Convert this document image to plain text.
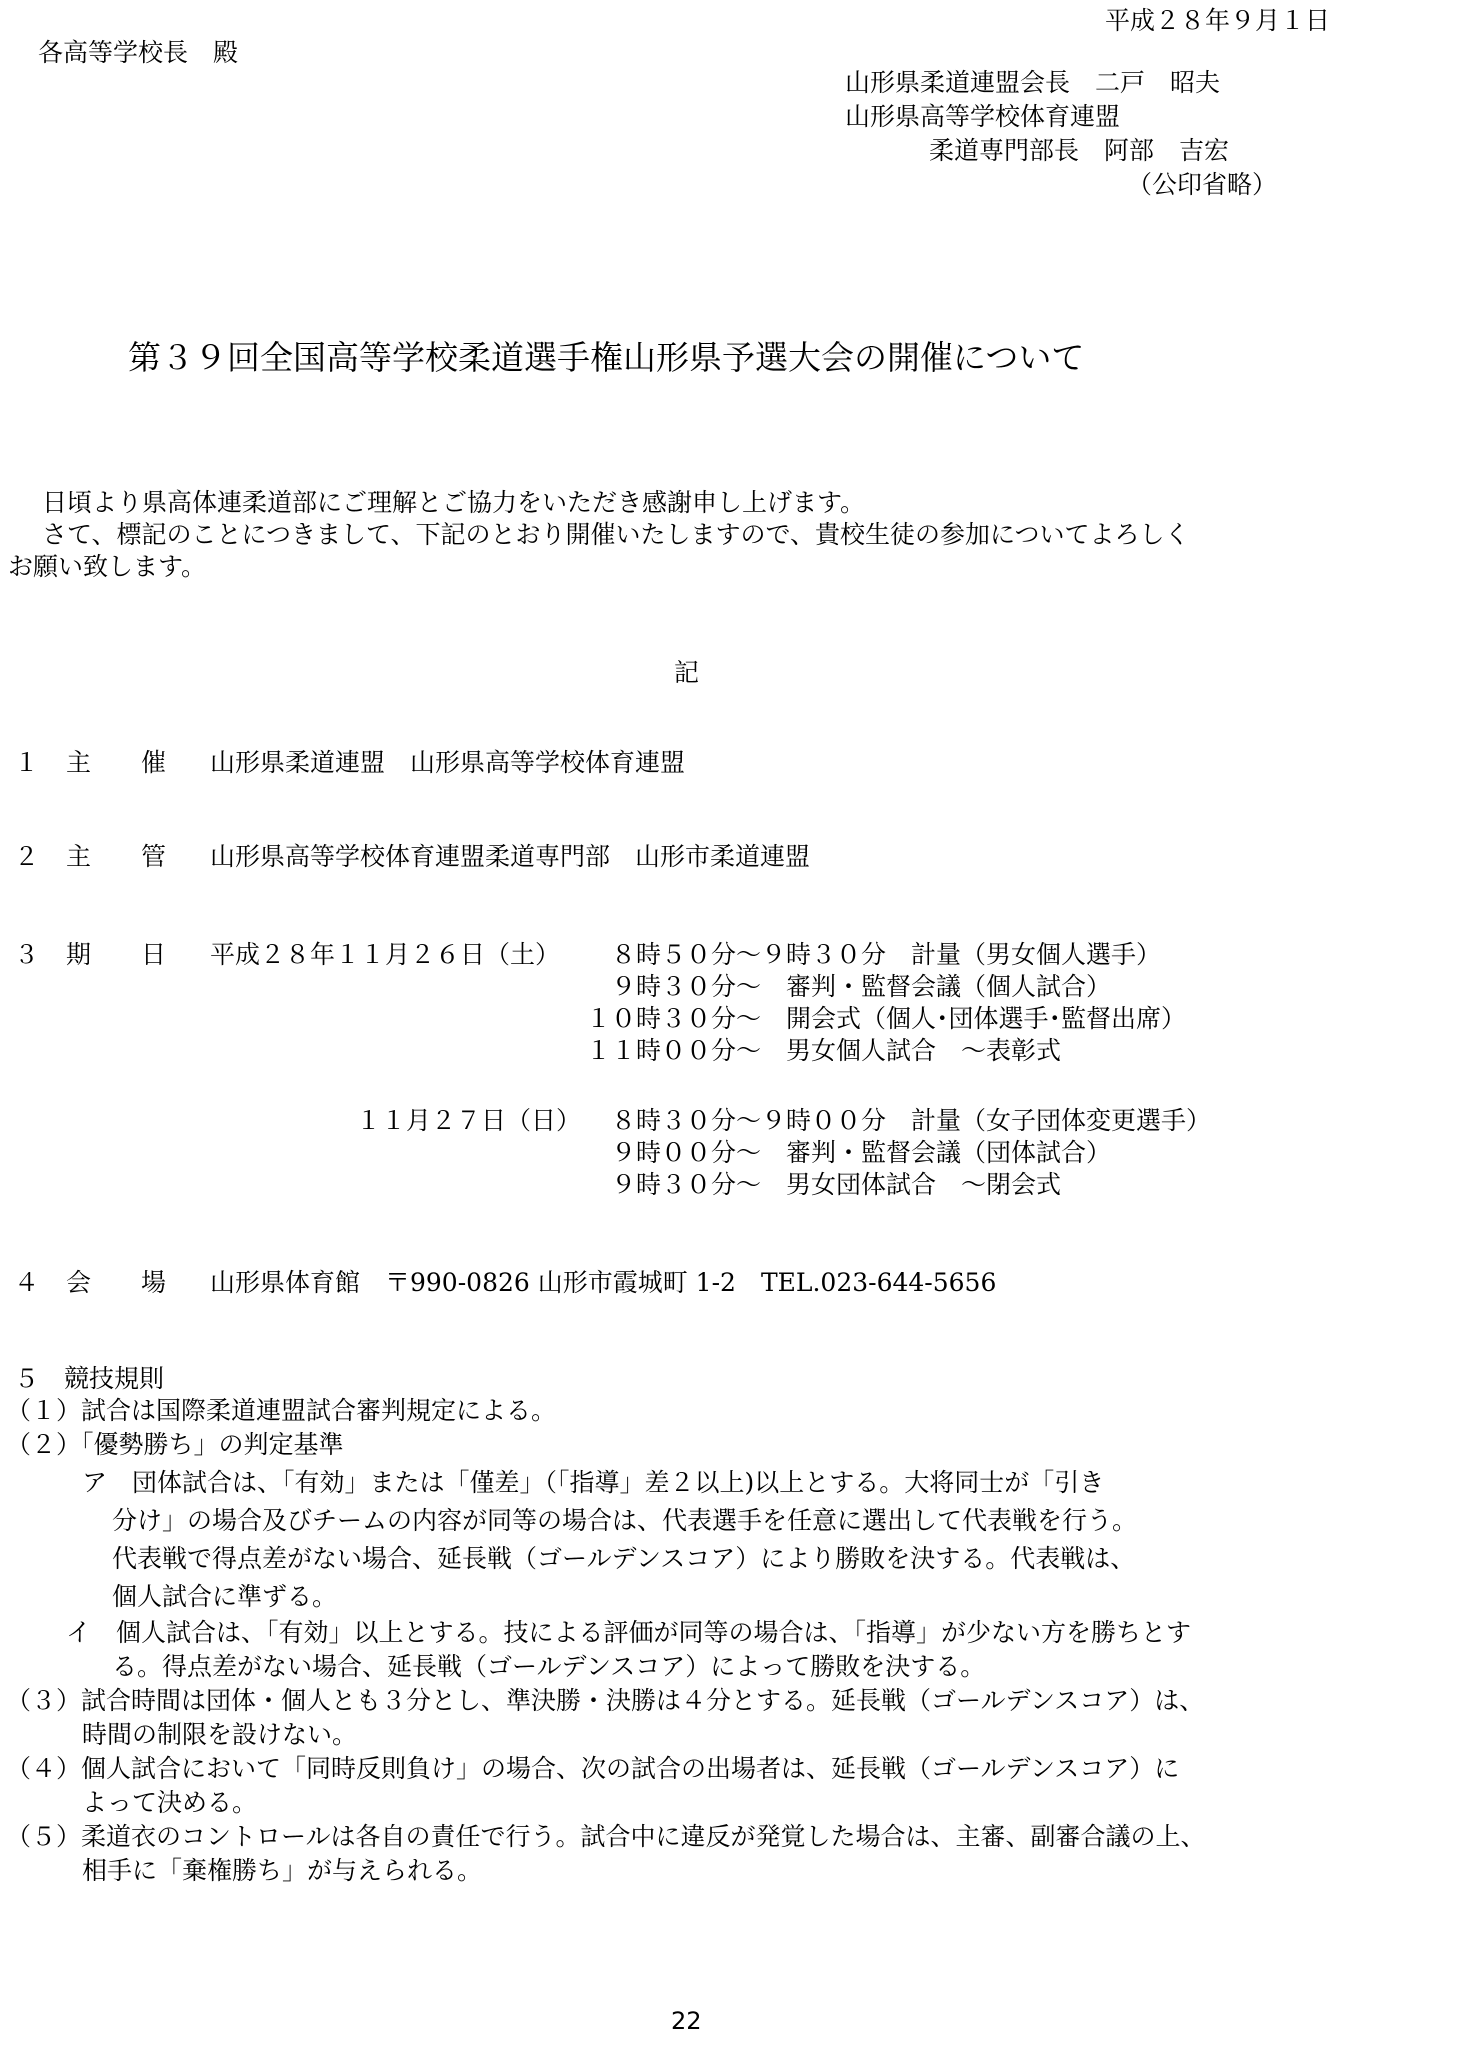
平成２８年９月１日
各高等学校長　殿
山形県柔道連盟会長　二戸　昭夫
山形県高等学校体育連盟
柔道専門部長　阿部　吉宏
（公印省略）
第３９回全国高等学校柔道選手権山形県予選大会の開催について
日頃より県高体連柔道部にご理解とご協力をいただき感謝申し上げます。
さて、標記のことにつきまして、下記のとおり開催いたしますので、貴校生徒の参加についてよろしく
お願い致します。
記
１ 主　　催 山形県柔道連盟　山形県高等学校体育連盟
２ 主　　管 山形県高等学校体育連盟柔道専門部　山形市柔道連盟
３ 期　　日 平成２８年１１月２６日（土） ８時５０分～９時３０分　計量（男女個人選手）
９時３０分～　審判・監督会議（個人試合）
１０時３０分～　開会式（個人･団体選手･監督出席）
１１時００分～　男女個人試合　～表彰式
１１月２７日（日） ８時３０分～９時００分　計量（女子団体変更選手）
９時００分～　審判・監督会議（団体試合）
９時３０分～　男女団体試合　～閉会式
４ 会　　場 山形県体育館　〒990-0826 山形市霞城町 1-2　TEL.023-644-5656
５　競技規則
（１）試合は国際柔道連盟試合審判規定による。
（２）「優勢勝ち」の判定基準
ア　団体試合は、「有効」または「僅差」（「指導」差２以上)以上とする。大将同士が「引き
分け」の場合及びチームの内容が同等の場合は、代表選手を任意に選出して代表戦を行う。
代表戦で得点差がない場合、延長戦（ゴールデンスコア）により勝敗を決する。代表戦は、
個人試合に準ずる。
イ　個人試合は、「有効」以上とする。技による評価が同等の場合は、「指導」が少ない方を勝ちとす
る。得点差がない場合、延長戦（ゴールデンスコア）によって勝敗を決する。
（３）試合時間は団体・個人とも３分とし、準決勝・決勝は４分とする。延長戦（ゴールデンスコア）は、
時間の制限を設けない。
（４）個人試合において「同時反則負け」の場合、次の試合の出場者は、延長戦（ゴールデンスコア）に
よって決める。
（５）柔道衣のコントロールは各自の責任で行う。試合中に違反が発覚した場合は、主審、副審合議の上、
相手に「棄権勝ち」が与えられる。
22
